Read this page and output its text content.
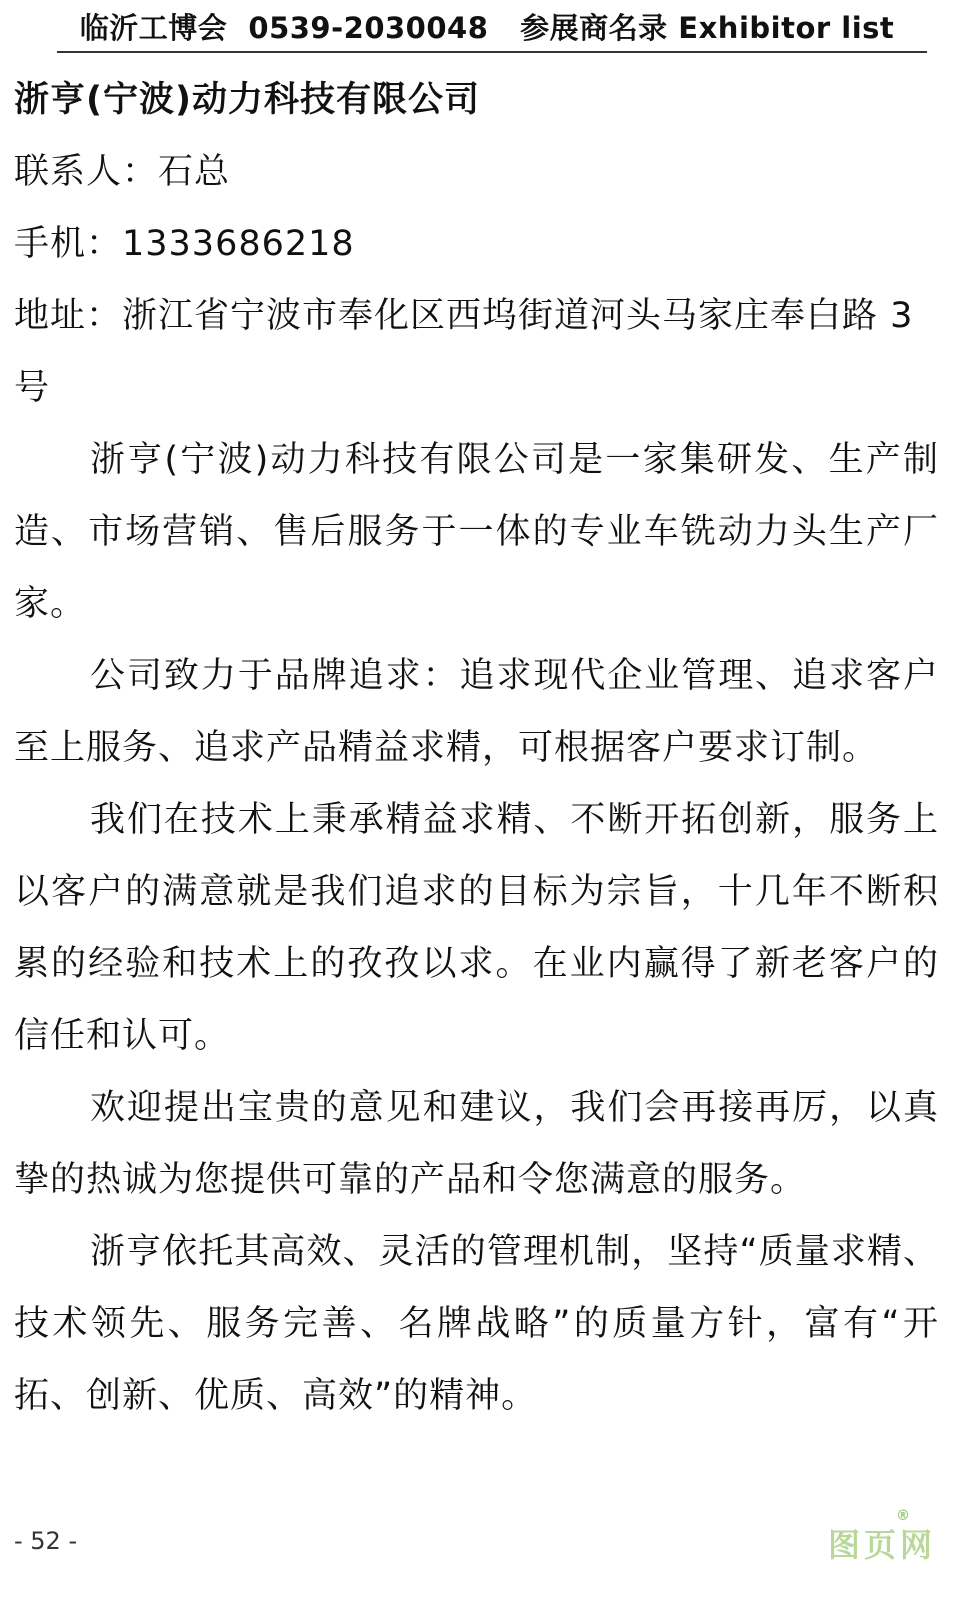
临沂工博会  0539-2030048   参展商名录 Exhibitor list

浙亨(宁波)动力科技有限公司

联系人：石总

手机：1333686218

地址：浙江省宁波市奉化区西坞街道河头马家庄奉白路 3 号

浙亨(宁波)动力科技有限公司是一家集研发、生产制造、市场营销、售后服务于一体的专业车铣动力头生产厂家。

公司致力于品牌追求：追求现代企业管理、追求客户至上服务、追求产品精益求精，可根据客户要求订制。

我们在技术上秉承精益求精、不断开拓创新，服务上以客户的满意就是我们追求的目标为宗旨，十几年不断积累的经验和技术上的孜孜以求。在业内赢得了新老客户的信任和认可。

欢迎提出宝贵的意见和建议，我们会再接再厉，以真挚的热诚为您提供可靠的产品和令您满意的服务。

浙亨依托其高效、灵活的管理机制，坚持“质量求精、技术领先、服务完善、名牌战略”的质量方针，富有“开拓、创新、优质、高效”的精神。

- 52 -	图页网
®
